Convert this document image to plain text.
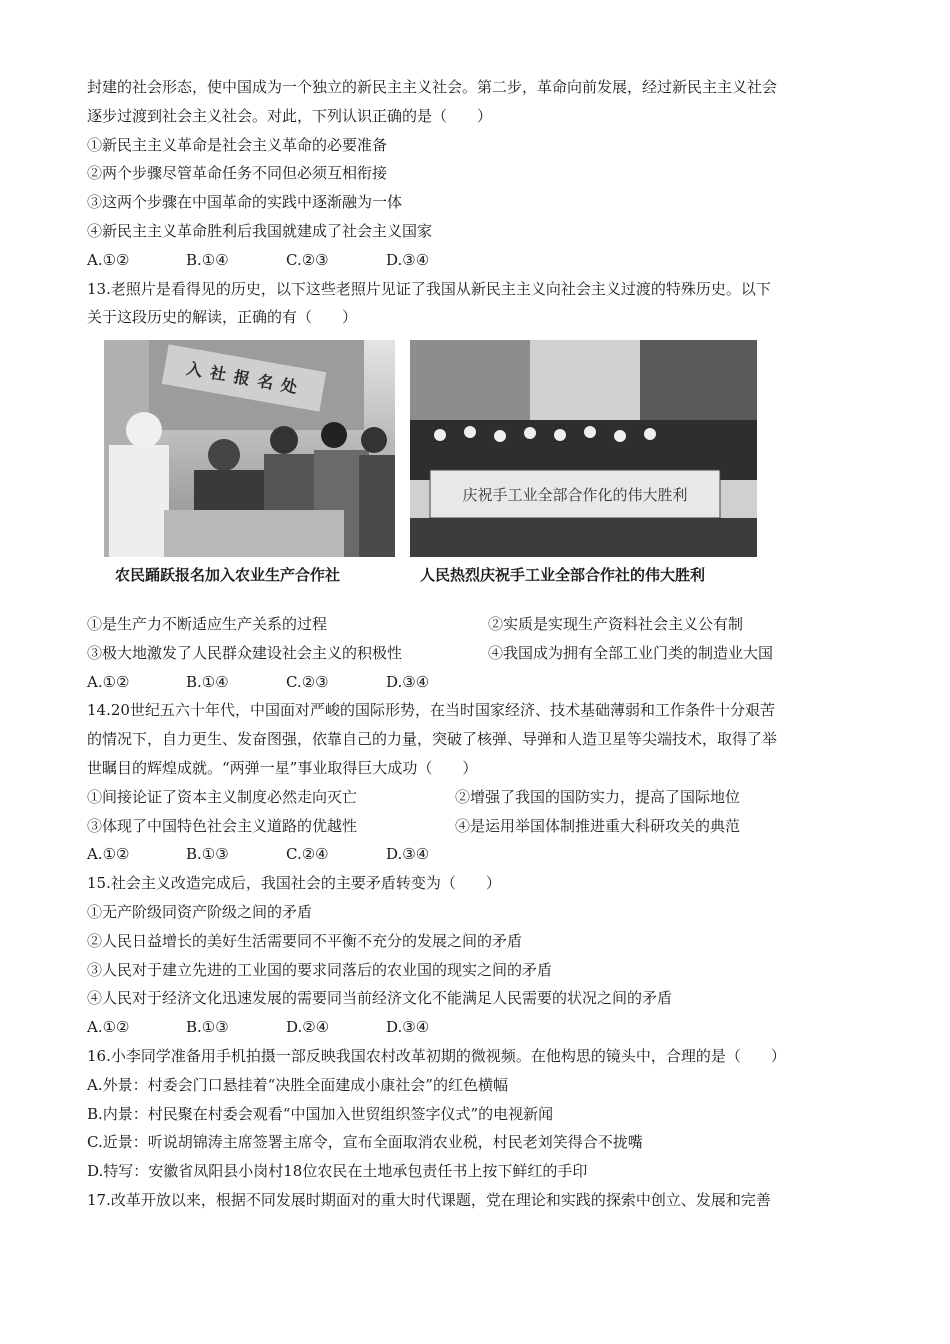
入社报名处
庆祝手工业全部合作化的伟大胜利
农民踊跃报名加入农业生产合作社	人民热烈庆祝手工业全部合作社的伟大胜利
封建的社会形态，使中国成为一个独立的新民主主义社会。第二步，革命向前发展，经过新民主主义社会
逐步过渡到社会主义社会。对此，下列认识正确的是（　　）
①新民主主义革命是社会主义革命的必要准备
②两个步骤尽管革命任务不同但必须互相衔接
③这两个步骤在中国革命的实践中逐渐融为一体
④新民主主义革命胜利后我国就建成了社会主义国家
A.①②	B.①④	C.②③	D.③④
13.老照片是看得见的历史，以下这些老照片见证了我国从新民主主义向社会主义过渡的特殊历史。以下
关于这段历史的解读，正确的有（　　）
①是生产力不断适应生产关系的过程	②实质是实现生产资料社会主义公有制
③极大地激发了人民群众建设社会主义的积极性	④我国成为拥有全部工业门类的制造业大国
A.①②	B.①④	C.②③	D.③④
14.20世纪五六十年代，中国面对严峻的国际形势，在当时国家经济、技术基础薄弱和工作条件十分艰苦
的情况下，自力更生、发奋图强，依靠自己的力量，突破了核弹、导弹和人造卫星等尖端技术，取得了举
世瞩目的辉煌成就。“两弹一星”事业取得巨大成功（　　）
①间接论证了资本主义制度必然走向灭亡	②增强了我国的国防实力，提高了国际地位
③体现了中国特色社会主义道路的优越性	④是运用举国体制推进重大科研攻关的典范
A.①②	B.①③	C.②④	D.③④
15.社会主义改造完成后，我国社会的主要矛盾转变为（　　）
①无产阶级同资产阶级之间的矛盾
②人民日益增长的美好生活需要同不平衡不充分的发展之间的矛盾
③人民对于建立先进的工业国的要求同落后的农业国的现实之间的矛盾
④人民对于经济文化迅速发展的需要同当前经济文化不能满足人民需要的状况之间的矛盾
A.①②	B.①③	D.②④	D.③④
16.小李同学准备用手机拍摄一部反映我国农村改革初期的微视频。在他构思的镜头中，合理的是（　　）
A.外景：村委会门口悬挂着“决胜全面建成小康社会”的红色横幅
B.内景：村民聚在村委会观看“中国加入世贸组织签字仪式”的电视新闻
C.近景：听说胡锦涛主席签署主席令，宣布全面取消农业税，村民老刘笑得合不拢嘴
D.特写：安徽省凤阳县小岗村18位农民在土地承包责任书上按下鲜红的手印
17.改革开放以来，根据不同发展时期面对的重大时代课题，党在理论和实践的探索中创立、发展和完善
